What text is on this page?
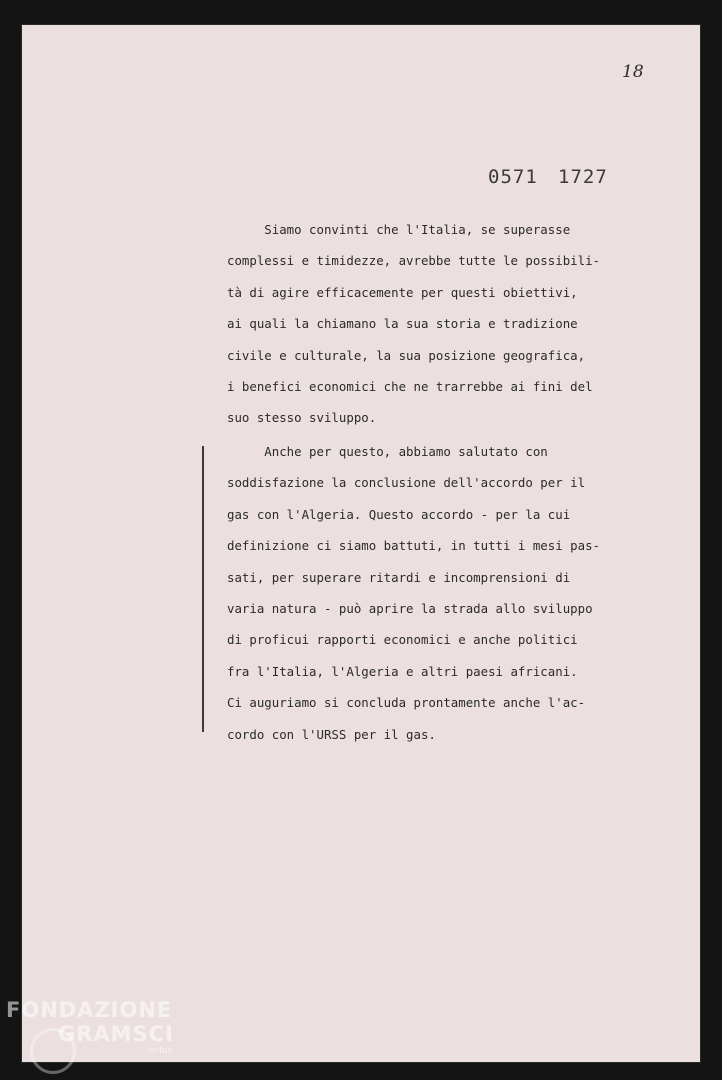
18
0571 1727
Siamo convinti che l'Italia, se superasse
complessi e timidezze, avrebbe tutte le possibili-
tà di agire efficacemente per questi obiettivi,
ai quali la chiamano la sua storia e tradizione
civile e culturale, la sua posizione geografica,
i benefici economici che ne trarrebbe ai fini del
suo stesso sviluppo.
Anche per questo, abbiamo salutato con
soddisfazione la conclusione dell'accordo per il
gas con l'Algeria. Questo accordo - per la cui
definizione ci siamo battuti, in tutti i mesi pas-
sati, per superare ritardi e incomprensioni di
varia natura - può aprire la strada allo sviluppo
di proficui rapporti economici e anche politici
fra l'Italia, l'Algeria e altri paesi africani.
Ci auguriamo si concluda prontamente anche l'ac-
cordo con l'URSS per il gas.
FONDAZIONE
GRAMSCI
onlus
